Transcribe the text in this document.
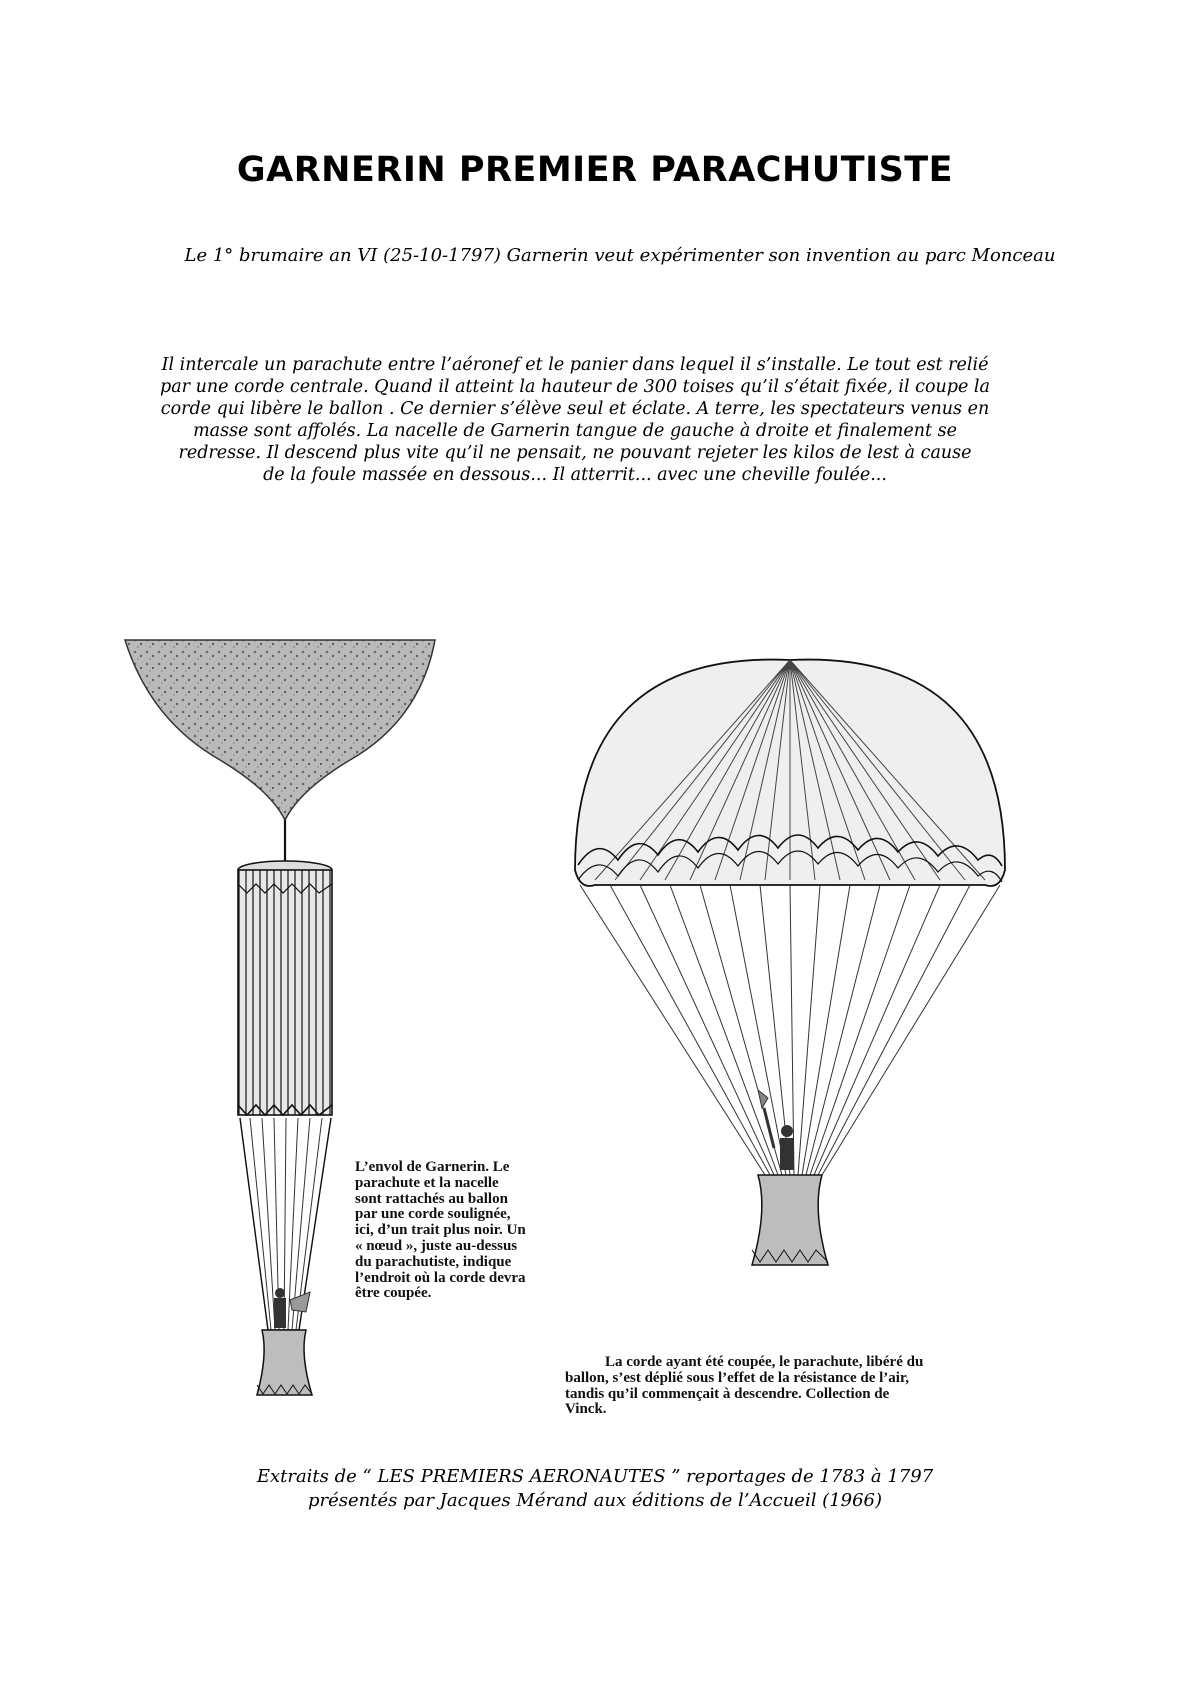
GARNERIN PREMIER PARACHUTISTE
Le 1° brumaire an VI (25-10-1797) Garnerin veut expérimenter son invention au parc Monceau
Il intercale un parachute entre l’aéronef et le panier dans lequel il s’installe. Le tout est relié
par une corde centrale. Quand il atteint la hauteur de 300 toises qu’il s’était fixée, il coupe la
corde qui libère le ballon . Ce dernier s’élève seul et éclate. A terre, les spectateurs venus en
masse sont affolés. La nacelle de Garnerin tangue de gauche à droite et finalement se
redresse. Il descend plus vite qu’il ne pensait, ne pouvant rejeter les kilos de lest à cause
de la foule massée en dessous... Il atterrit... avec une cheville foulée...
L’envol de Garnerin. Le
parachute et la nacelle
sont rattachés au ballon
par une corde soulignée,
ici, d’un trait plus noir. Un
« nœud », juste au-dessus
du parachutiste, indique
l’endroit où la corde devra
être coupée.
La corde ayant été coupée, le parachute, libéré du
ballon, s’est déplié sous l’effet de la résistance de l’air,
tandis qu’il commençait à descendre. Collection de
Vinck.
Extraits de “ LES PREMIERS AERONAUTES ” reportages de 1783 à 1797
présentés par Jacques Mérand aux éditions de l’Accueil (1966)
